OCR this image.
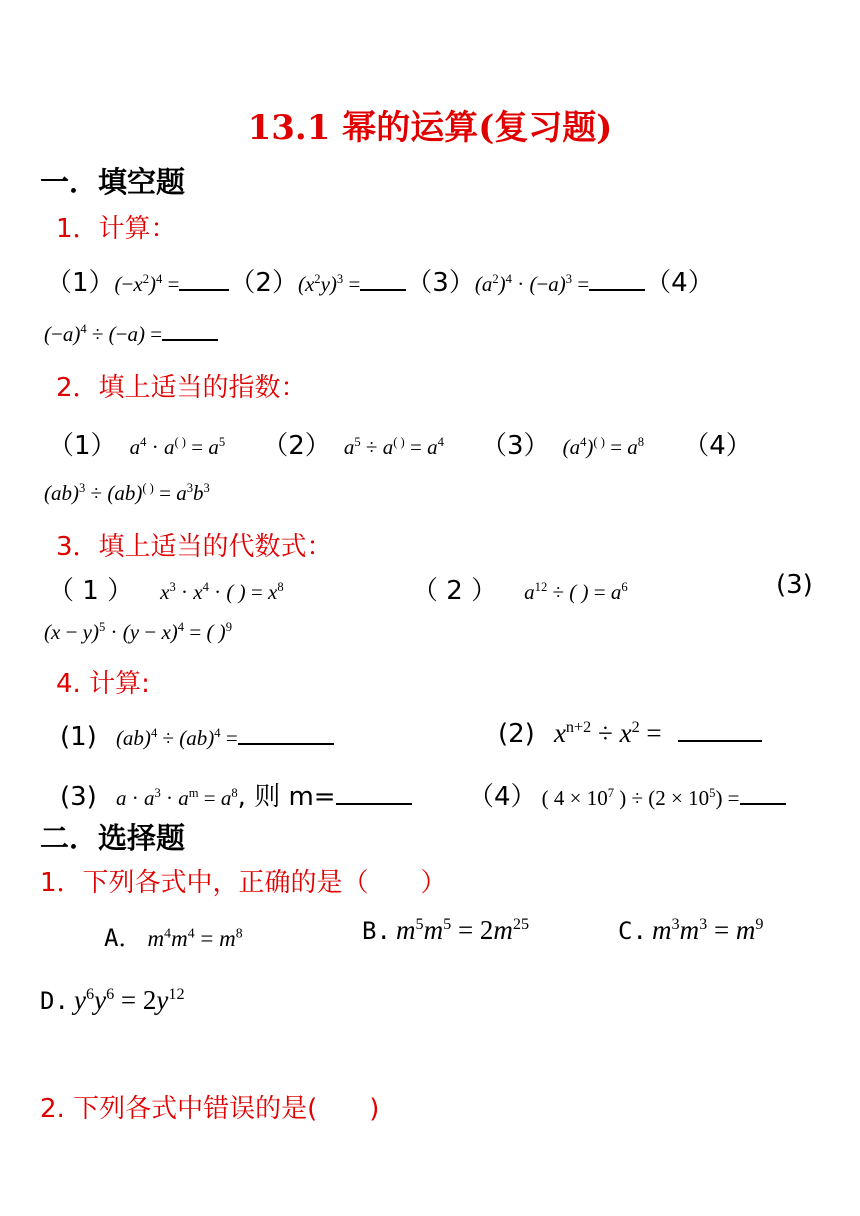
13.1 幂的运算(复习题)
一．填空题
1．计算：
$(1)(-x^2)^4 = (2)(x^2y)^3 = (3)(a^2)^4 \cdot (-a)^3 = (4)$
$(-a)^4 \div (-a)$ =
2．填上适当的指数：
（1） $a^4 \cdot a^{( )} = a^5$ （2） $a^5 \div a^{( )} = a^4$ （3） $(a^4)^{( )} = a^8$ （4）
$(ab)^3 \div (ab)^{( )} = a^3b^3$
3．填上适当的代数式：
（ 1 ） $x^3 \cdot x^4$ · ( ) = $x^8$	（ 2 ） $a^{12}$ ÷ ( ) = $a^6$	(3)
$(x - y)^5 \cdot (y - x)^4$ = ( )$^9$
4. 计算:
(1) (ab)$^4$ ÷ (ab)$^4$ =	(2) $x^{n+2} \div x^2$ =
(3) $a \cdot a^3 \cdot a^m = a^8$, 则 m=	（4） ( $4 \times 10^7$ ) ÷ $(2 \times 10^5)$ =
二．选择题
1．下列各式中，正确的是（　　）
A． $m^4m^4 = m^8$	B. $m^5m^5 = 2m^{25}$	C. $m^3m^3 = m^9$
D. $y^6y^6 = 2y^{12}$
2. 下列各式中错误的是(　　)
